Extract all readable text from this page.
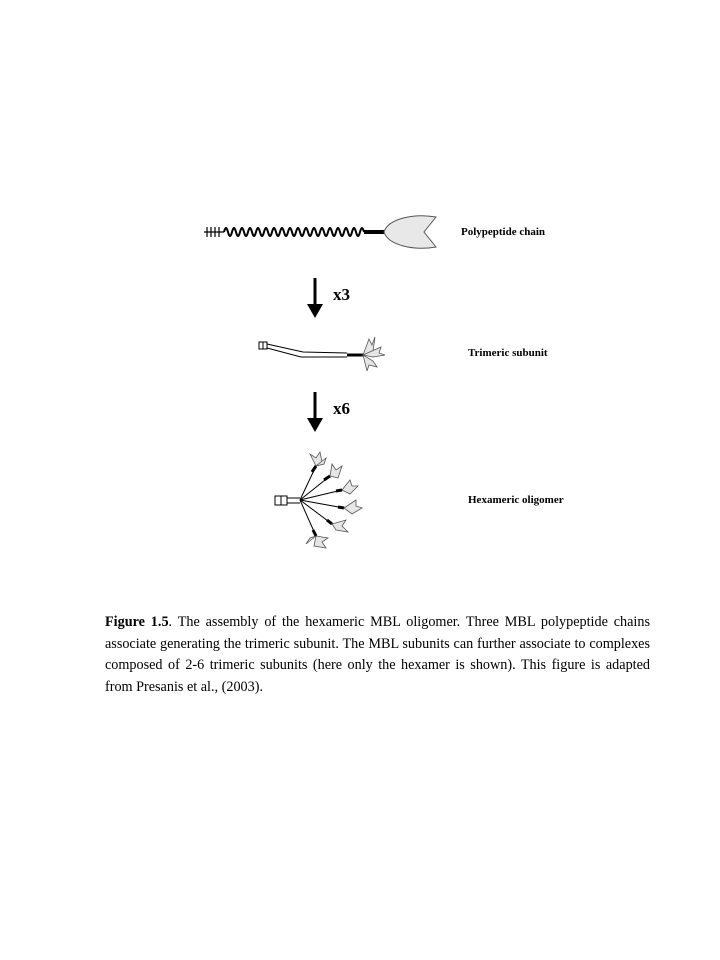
Polypeptide chain
x3
Trimeric subunit
x6
Hexameric oligomer
Figure 1.5. The assembly of the hexameric MBL oligomer. Three MBL polypeptide chains associate generating the trimeric subunit. The MBL subunits can further associate to complexes composed of 2-6 trimeric subunits (here only the hexamer is shown). This figure is adapted from Presanis et al., (2003).
